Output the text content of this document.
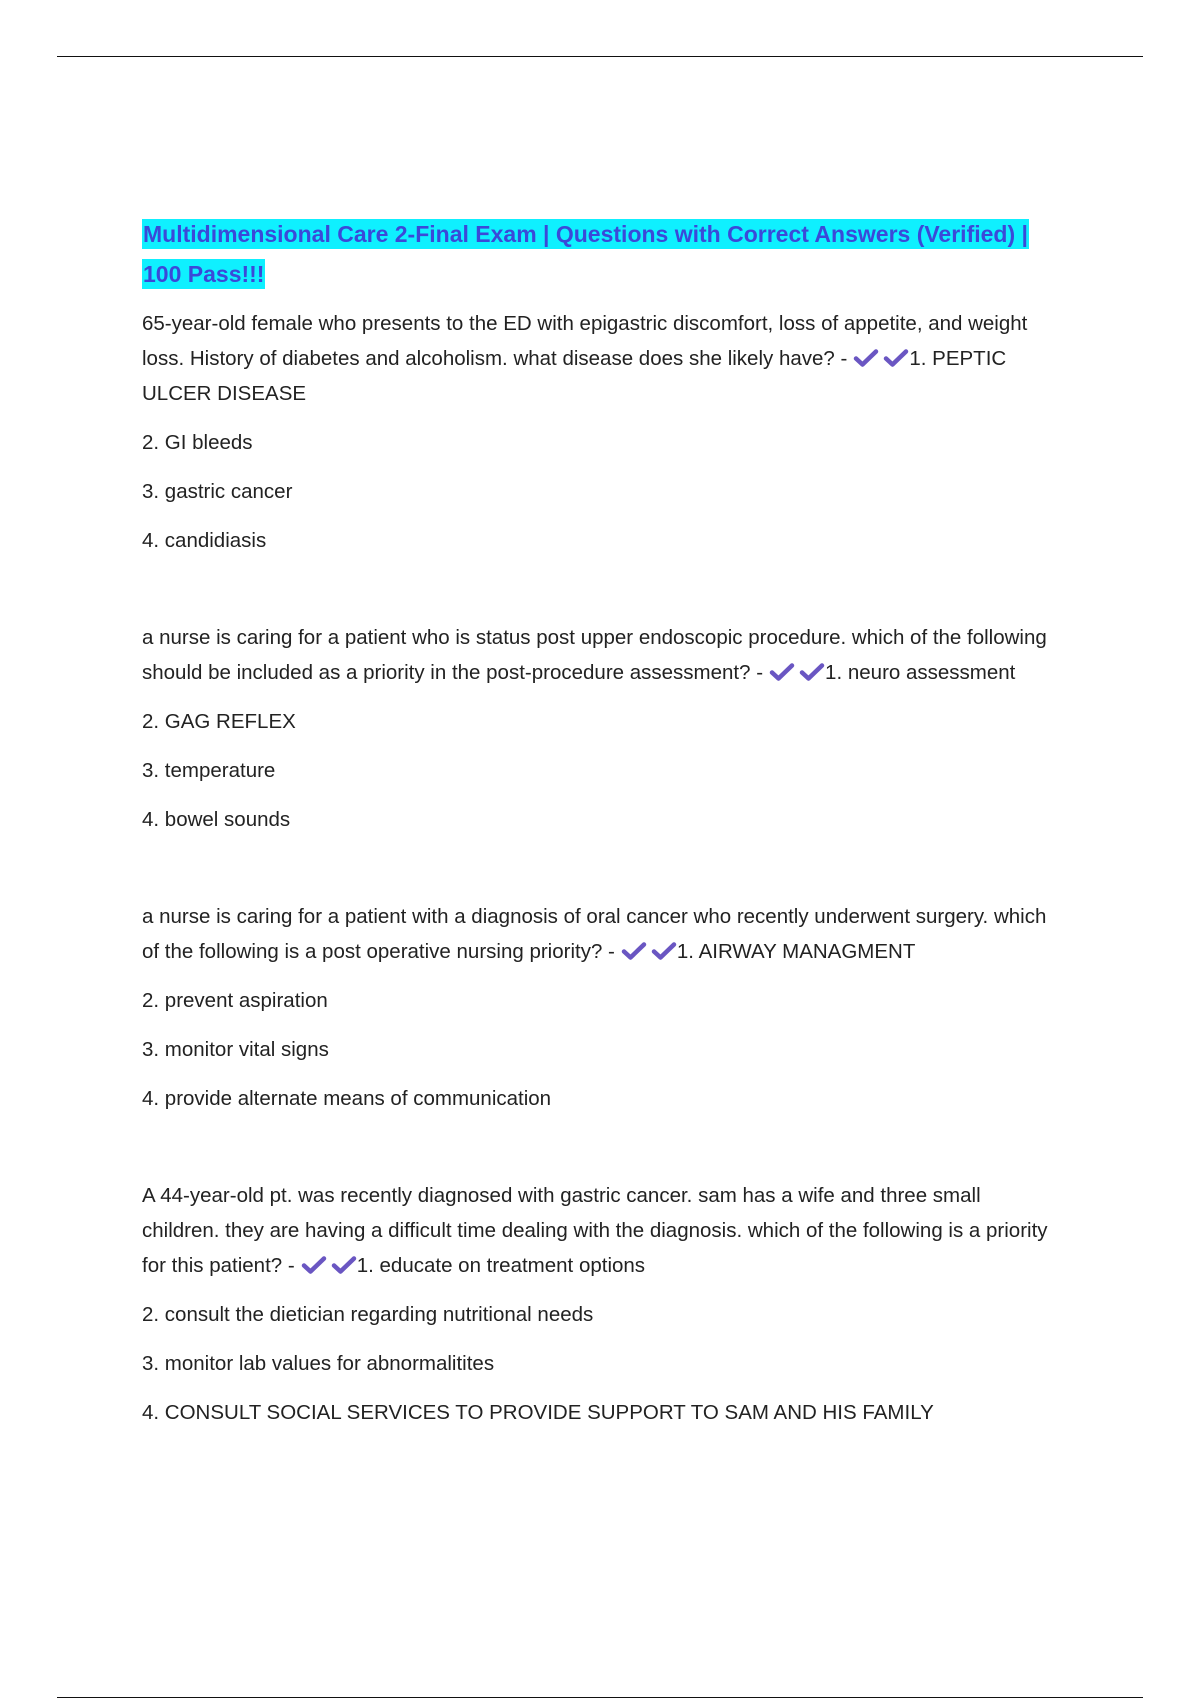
Multidimensional Care 2-Final Exam | Questions with Correct Answers (Verified) | 100 Pass!!!

65-year-old female who presents to the ED with epigastric discomfort, loss of appetite, and weight loss. History of diabetes and alcoholism. what disease does she likely have? -	1. PEPTIC ULCER DISEASE

2. GI bleeds

3. gastric cancer

4. candidiasis

a nurse is caring for a patient who is status post upper endoscopic procedure. which of the following should be included as a priority in the post-procedure assessment? -	1. neuro assessment

2. GAG REFLEX

3. temperature

4. bowel sounds

a nurse is caring for a patient with a diagnosis of oral cancer who recently underwent surgery. which of the following is a post operative nursing priority? -	1. AIRWAY MANAGMENT

2. prevent aspiration

3. monitor vital signs

4. provide alternate means of communication

A 44-year-old pt. was recently diagnosed with gastric cancer. sam has a wife and three small children. they are having a difficult time dealing with the diagnosis. which of the following is a priority for this patient? -	1. educate on treatment options

2. consult the dietician regarding nutritional needs

3. monitor lab values for abnormalitites

4. CONSULT SOCIAL SERVICES TO PROVIDE SUPPORT TO SAM AND HIS FAMILY
